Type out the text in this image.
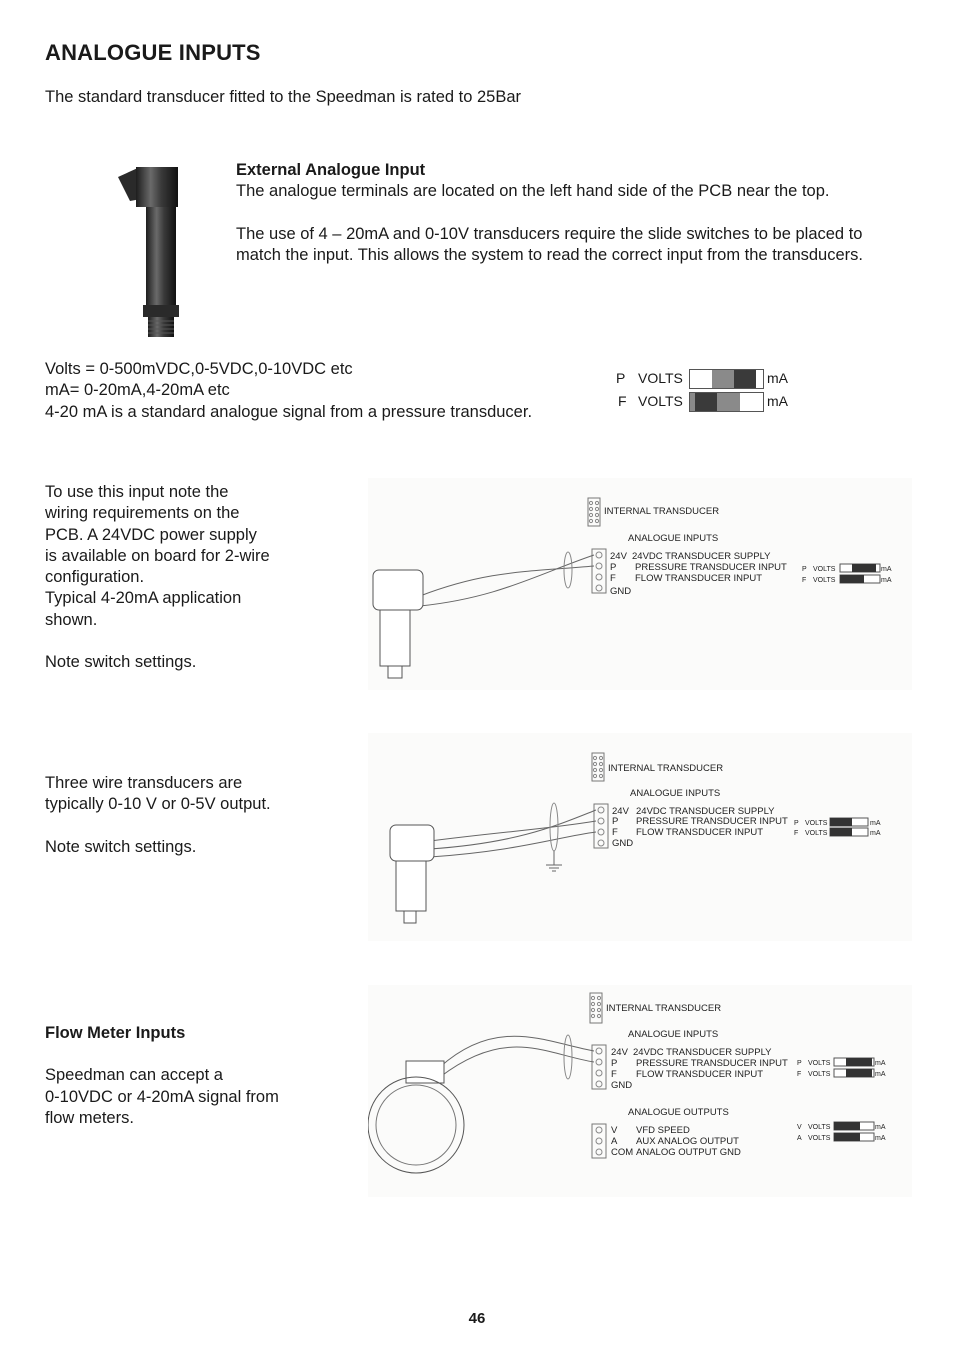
ANALOGUE INPUTS
The standard transducer fitted to the Speedman is rated to 25Bar
External Analogue Input
The analogue terminals are located on the left hand side of the PCB near the top.
The use of 4 – 20mA and 0-10V transducers require the slide switches to be placed to
match the input. This allows the system to read the correct input from the transducers.
Volts = 0-500mVDC,0-5VDC,0-10VDC etc
mA= 0-20mA,4-20mA etc
4-20 mA is a standard analogue signal from a pressure transducer.
P VOLTS	mA
F VOLTS	mA
To use this input note the
wiring requirements on the
PCB. A 24VDC power supply
is available on board for 2-wire
configuration.
Typical 4-20mA application
shown.
Note switch settings.
INTERNAL TRANSDUCER
ANALOGUE INPUTS
24V 24VDC TRANSDUCER SUPPLY
P PRESSURE TRANSDUCER INPUT
F FLOW TRANSDUCER INPUT
GND
P VOLTS	mA
F VOLTS	mA
Three wire transducers are
typically 0-10 V or 0-5V output.
Note switch settings.
INTERNAL TRANSDUCER
ANALOGUE INPUTS
24V 24VDC TRANSDUCER SUPPLY
P PRESSURE TRANSDUCER INPUT
F FLOW TRANSDUCER INPUT
GND
P VOLTS	mA
F VOLTS	mA
Flow Meter Inputs
Speedman can accept a
0-10VDC or 4-20mA signal from
flow meters.
INTERNAL TRANSDUCER
ANALOGUE INPUTS
24V 24VDC TRANSDUCER SUPPLY
P PRESSURE TRANSDUCER INPUT
F FLOW TRANSDUCER INPUT
GND
P VOLTS	mA
F VOLTS	mA
ANALOGUE OUTPUTS
V VFD SPEED
A AUX ANALOG OUTPUT
COM ANALOG OUTPUT GND
V VOLTS	mA
A VOLTS	mA
46
